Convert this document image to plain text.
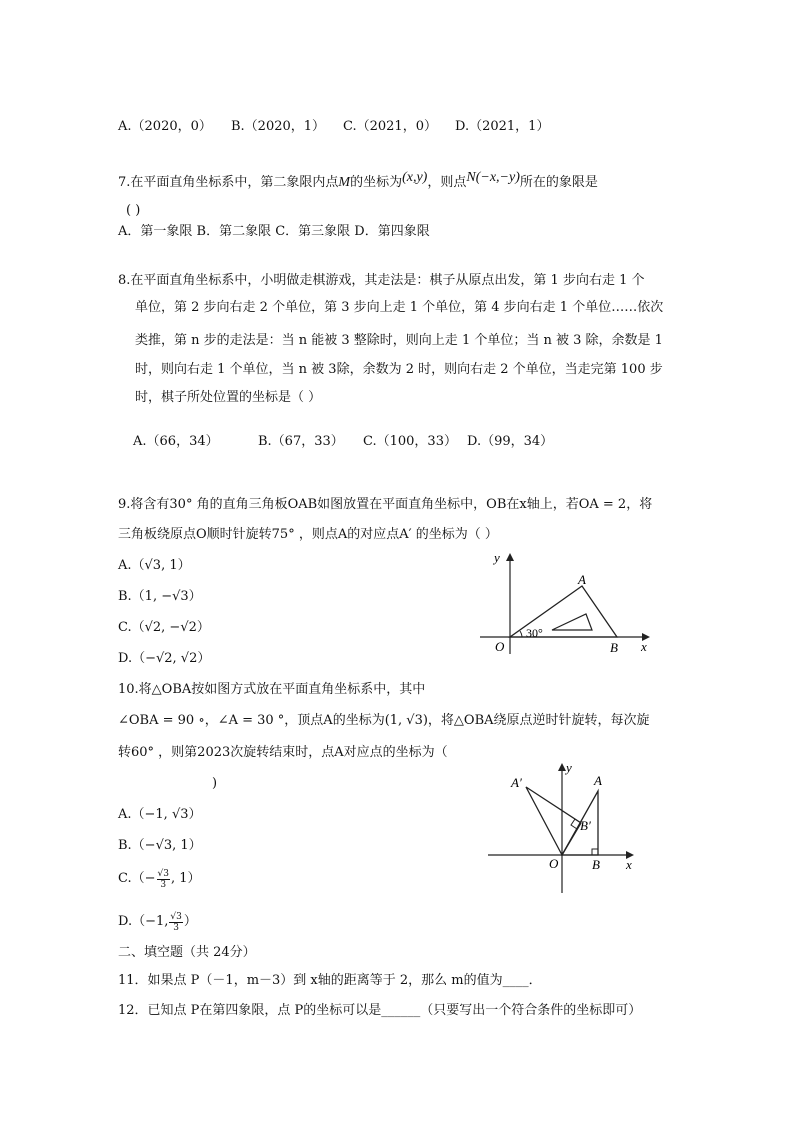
A.（2020，0） B.（2020，1） C.（2021，0） D.（2021，1）
7.在平面直角坐标系中，第二象限内点M的坐标为(x,y)，则点N(−x,−y)所在的象限是
( )
A．第一象限 B．第二象限 C．第三象限 D．第四象限
8.在平面直角坐标系中，小明做走棋游戏，其走法是：棋子从原点出发，第 1 步向右走 1 个
单位，第 2 步向右走 2 个单位，第 3 步向上走 1 个单位，第 4 步向右走 1 个单位……依次
类推，第 n 步的走法是：当 n 能被 3 整除时，则向上走 1 个单位；当 n 被 3 除，余数是 1
时，则向右走 1 个单位，当 n 被 3除，余数为 2 时，则向右走 2 个单位，当走完第 100 步
时，棋子所处位置的坐标是（ ）
A.（66，34）	B.（67，33） C.（100，33） D.（99，34）
9.将含有30° 角的直角三角板OAB如图放置在平面直角坐标中，OB在x轴上，若OA = 2，将
三角板绕原点O顺时针旋转75° ，则点A的对应点A′ 的坐标为（ ）
A.（√3, 1）
B.（1, −√3）
C.（√2, −√2）
D.（−√2, √2）
y
A
30°
O	B x
10.将△OBA按如图方式放在平面直角坐标系中，其中
∠OBA = 90 ∘，∠A = 30 °，顶点A的坐标为(1, √3)，将△OBA绕原点逆时针旋转，每次旋
转60° ，则第2023次旋转结束时，点A对应点的坐标为（
)
A.（−1, √3）
B.（−√3, 1）
$C.(- \frac{√3}{3}$ , 1）
D.（−1, $\frac{√3}{3}$ ）
A′
y
A
B′
O	B x
二、填空题（共 24分）
11．如果点 P（－1，m－3）到 x轴的距离等于 2，那么 m的值为____．
12．已知点 P在第四象限，点 P的坐标可以是______（只要写出一个符合条件的坐标即可）
